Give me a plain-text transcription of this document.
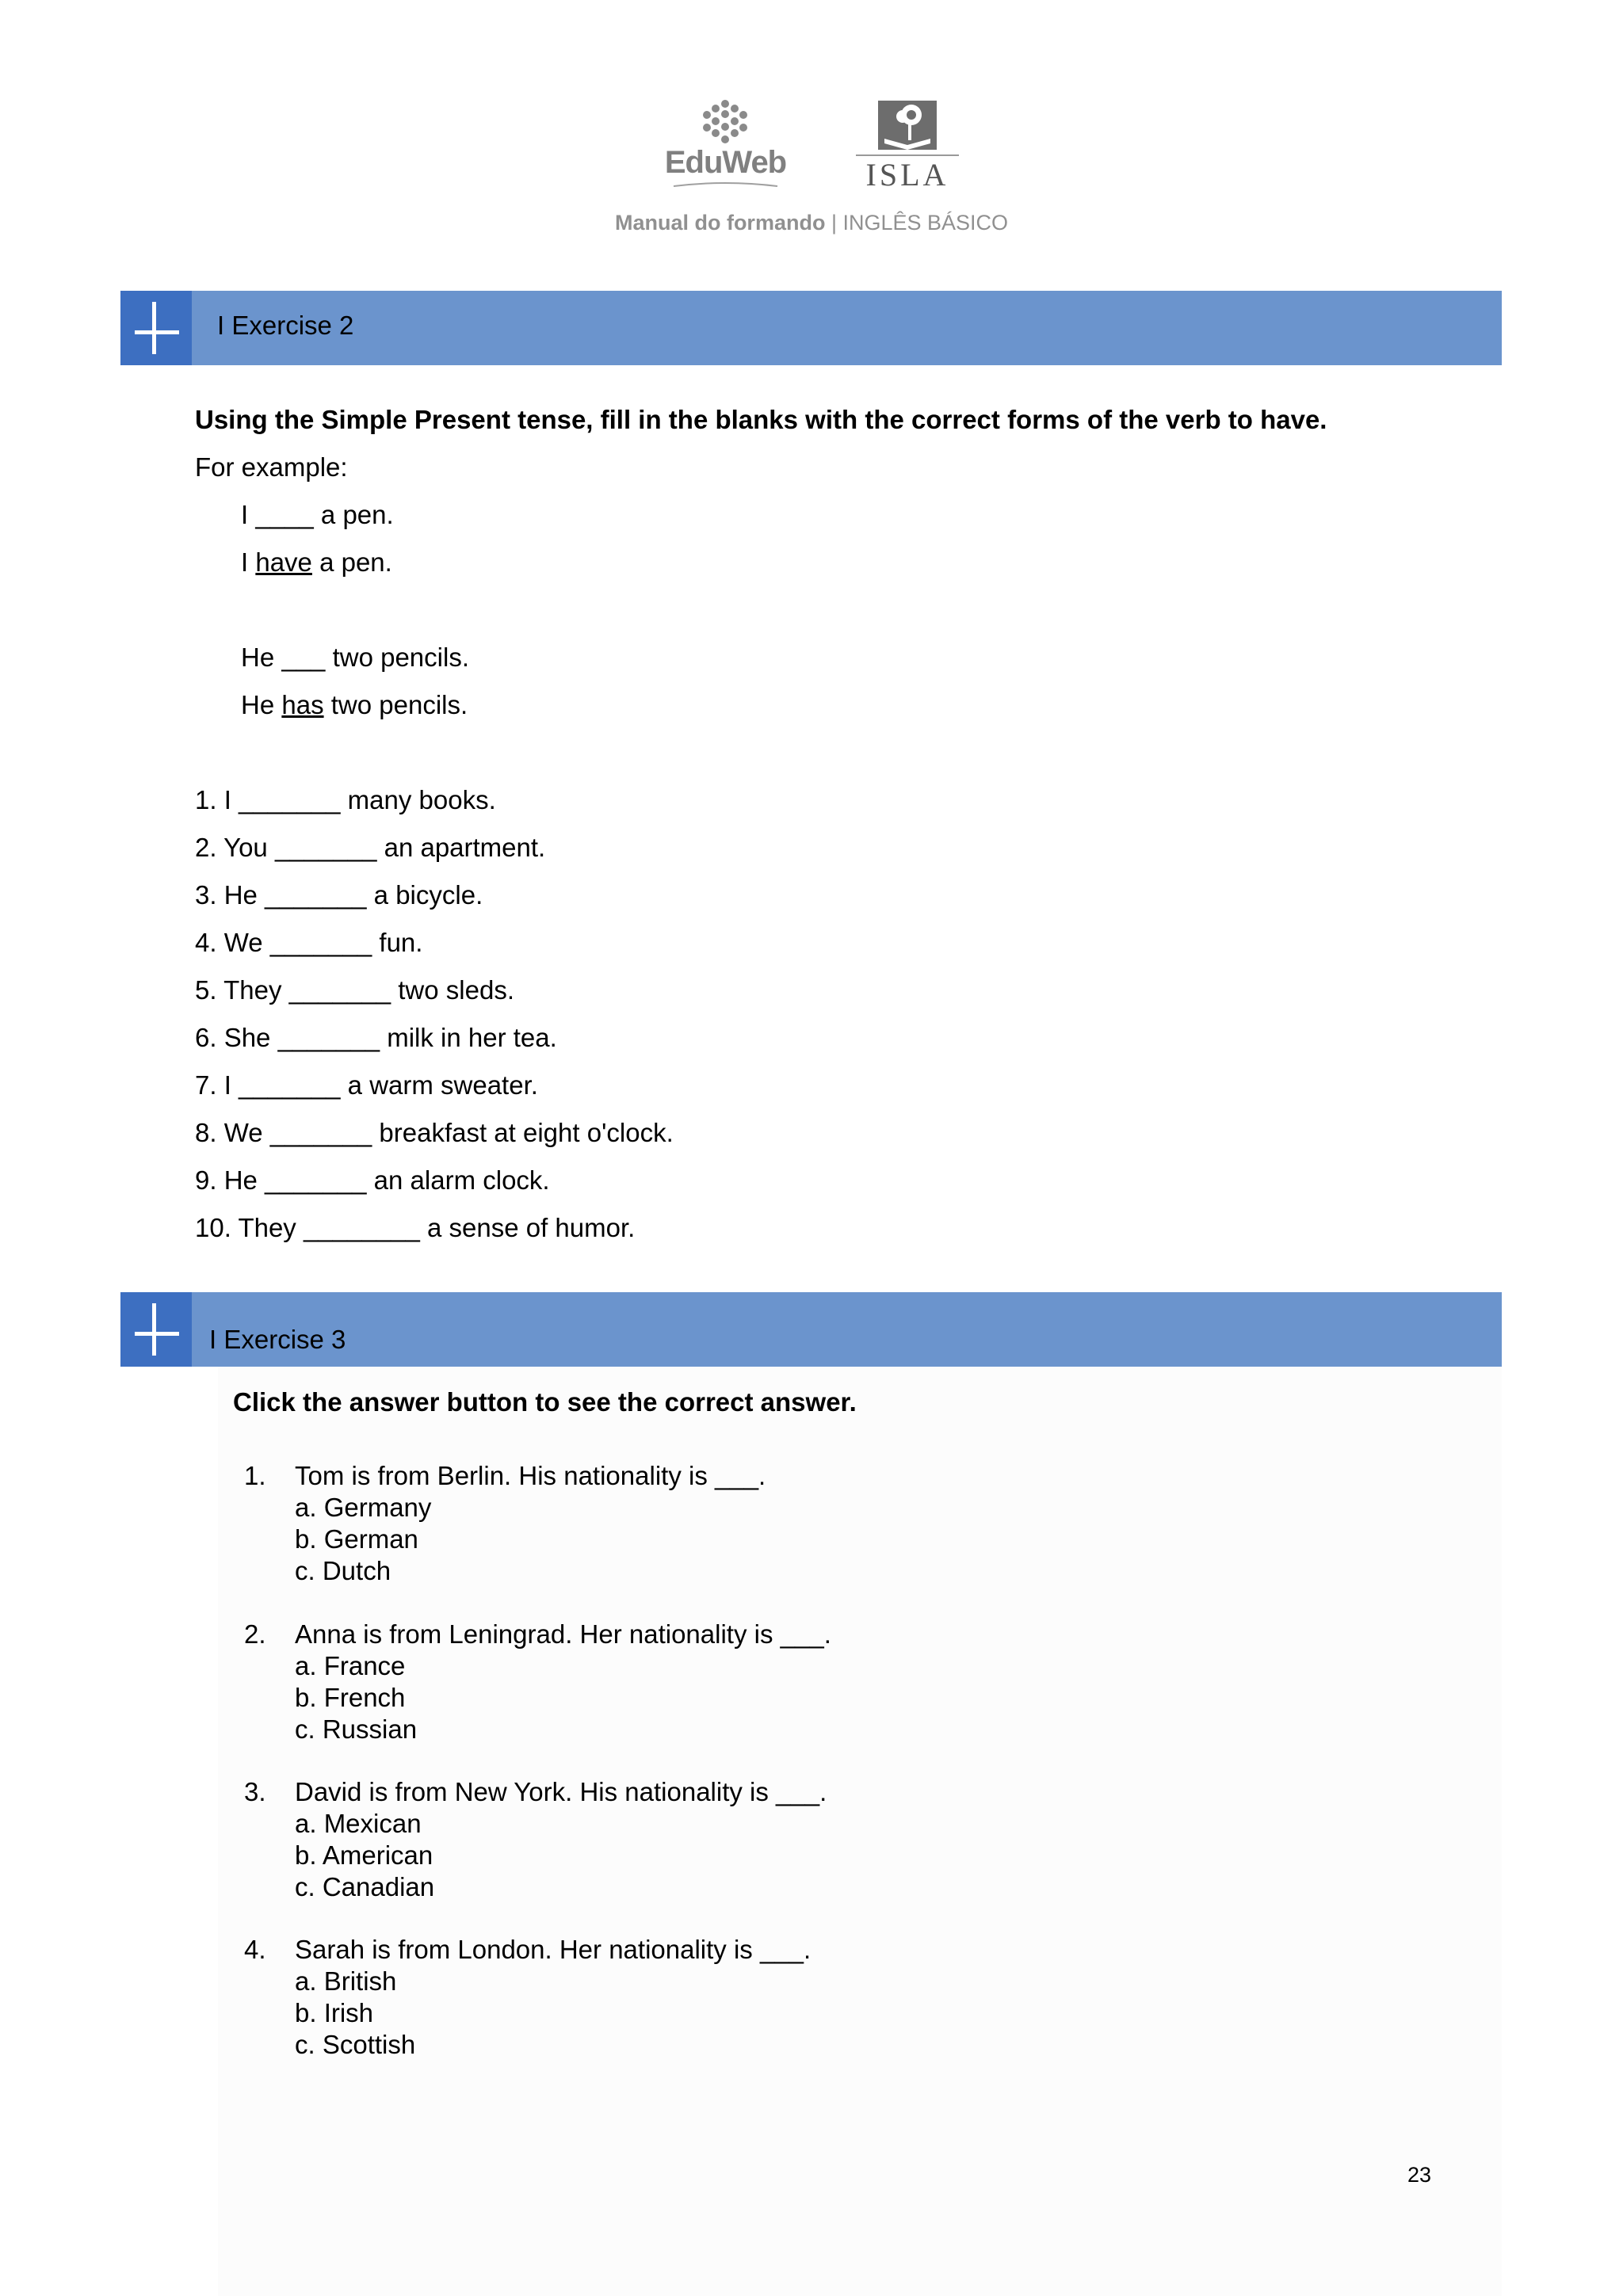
EduWeb	ISLA
Manual do formando | INGLÊS BÁSICO
I Exercise 2
Using the Simple Present tense, fill in the blanks with the correct forms of the verb to have.
For example:
I ____ a pen.
I have a pen.
He ___ two pencils.
He has two pencils.
1. I _______ many books.
2. You _______ an apartment.
3. He _______ a bicycle.
4. We _______ fun.
5. They _______ two sleds.
6. She _______ milk in her tea.
7. I _______ a warm sweater.
8. We _______ breakfast at eight o'clock.
9. He _______ an alarm clock.
10. They ________ a sense of humor.
I Exercise 3
Click the answer button to see the correct answer.
1. Tom is from Berlin. His nationality is ___.
a. Germany
b. German
c. Dutch
2. Anna is from Leningrad. Her nationality is ___.
a. France
b. French
c. Russian
3. David is from New York. His nationality is ___.
a. Mexican
b. American
c. Canadian
4. Sarah is from London. Her nationality is ___.
a. British
b. Irish
c. Scottish
23
